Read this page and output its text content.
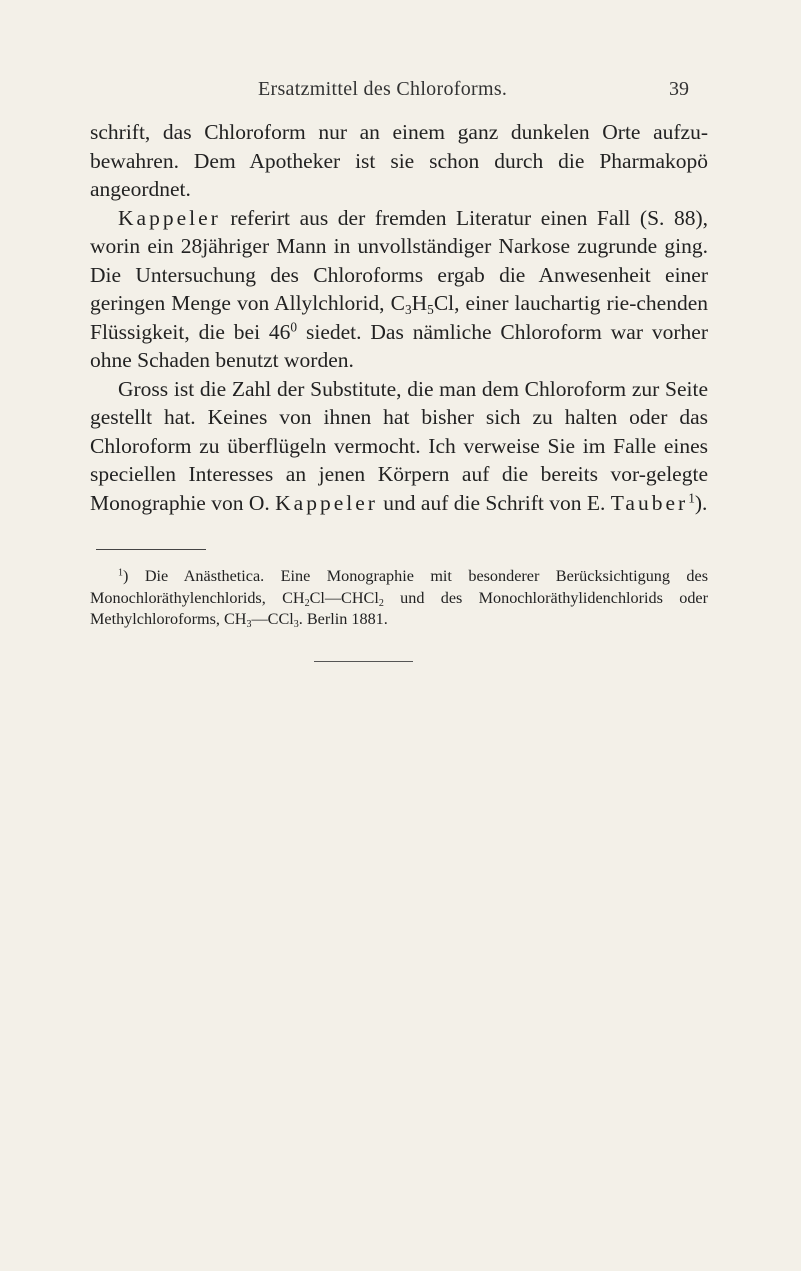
Ersatzmittel des Chloroforms.	39

schrift, das Chloroform nur an einem ganz dunkelen Orte aufzu-bewahren. Dem Apotheker ist sie schon durch die Pharmakopö angeordnet.

Kappeler referirt aus der fremden Literatur einen Fall (S. 88), worin ein 28jähriger Mann in unvollständiger Narkose zugrunde ging. Die Untersuchung des Chloroforms ergab die Anwesenheit einer geringen Menge von Allylchlorid, $C_3H_5Cl$, einer lauchartig rie-chenden Flüssigkeit, die bei $46^0$ siedet. Das nämliche Chloroform war vorher ohne Schaden benutzt worden.

Gross ist die Zahl der Substitute, die man dem Chloroform zur Seite gestellt hat. Keines von ihnen hat bisher sich zu halten oder das Chloroform zu überflügeln vermocht. Ich verweise Sie im Falle eines speciellen Interesses an jenen Körpern auf die bereits vor-gelegte Monographie von O. Kappeler und auf die Schrift von E. Tauber$^1$).

$^1$) Die Anästhetica. Eine Monographie mit besonderer Berücksichtigung des Monochloräthylenchlorids, $CH_2Cl—CHCl_2$ und des Monochloräthylidenchlorids oder Methylchloroforms, $CH_3—CCl_3$. Berlin 1881.
